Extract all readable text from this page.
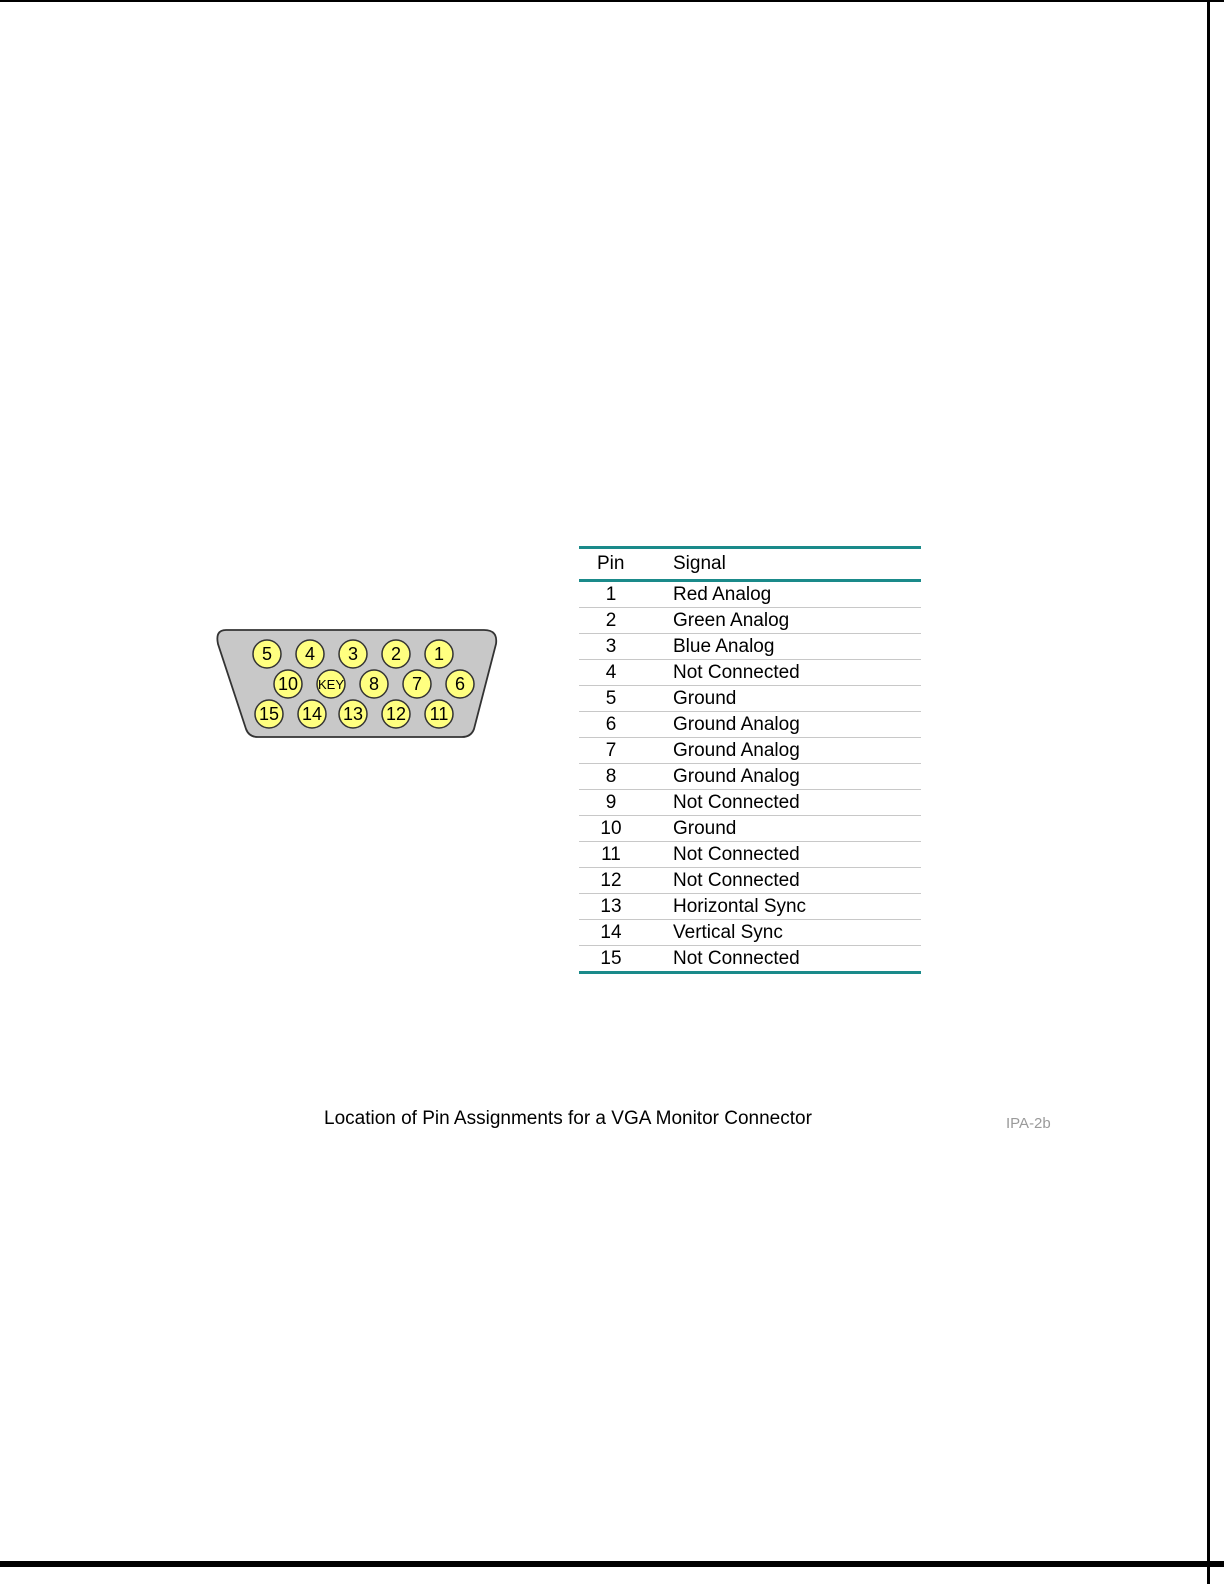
5 4 3 2 1
10 KEY 8 7 6
15 14 13 12 11
Pin	Signal
1	Red Analog
2	Green Analog
3	Blue Analog
4	Not Connected
5	Ground
6	Ground Analog
7	Ground Analog
8	Ground Analog
9	Not Connected
10	Ground
11	Not Connected
12	Not Connected
13	Horizontal Sync
14	Vertical Sync
15	Not Connected
Location of Pin Assignments for a VGA Monitor Connector	IPA-2b
